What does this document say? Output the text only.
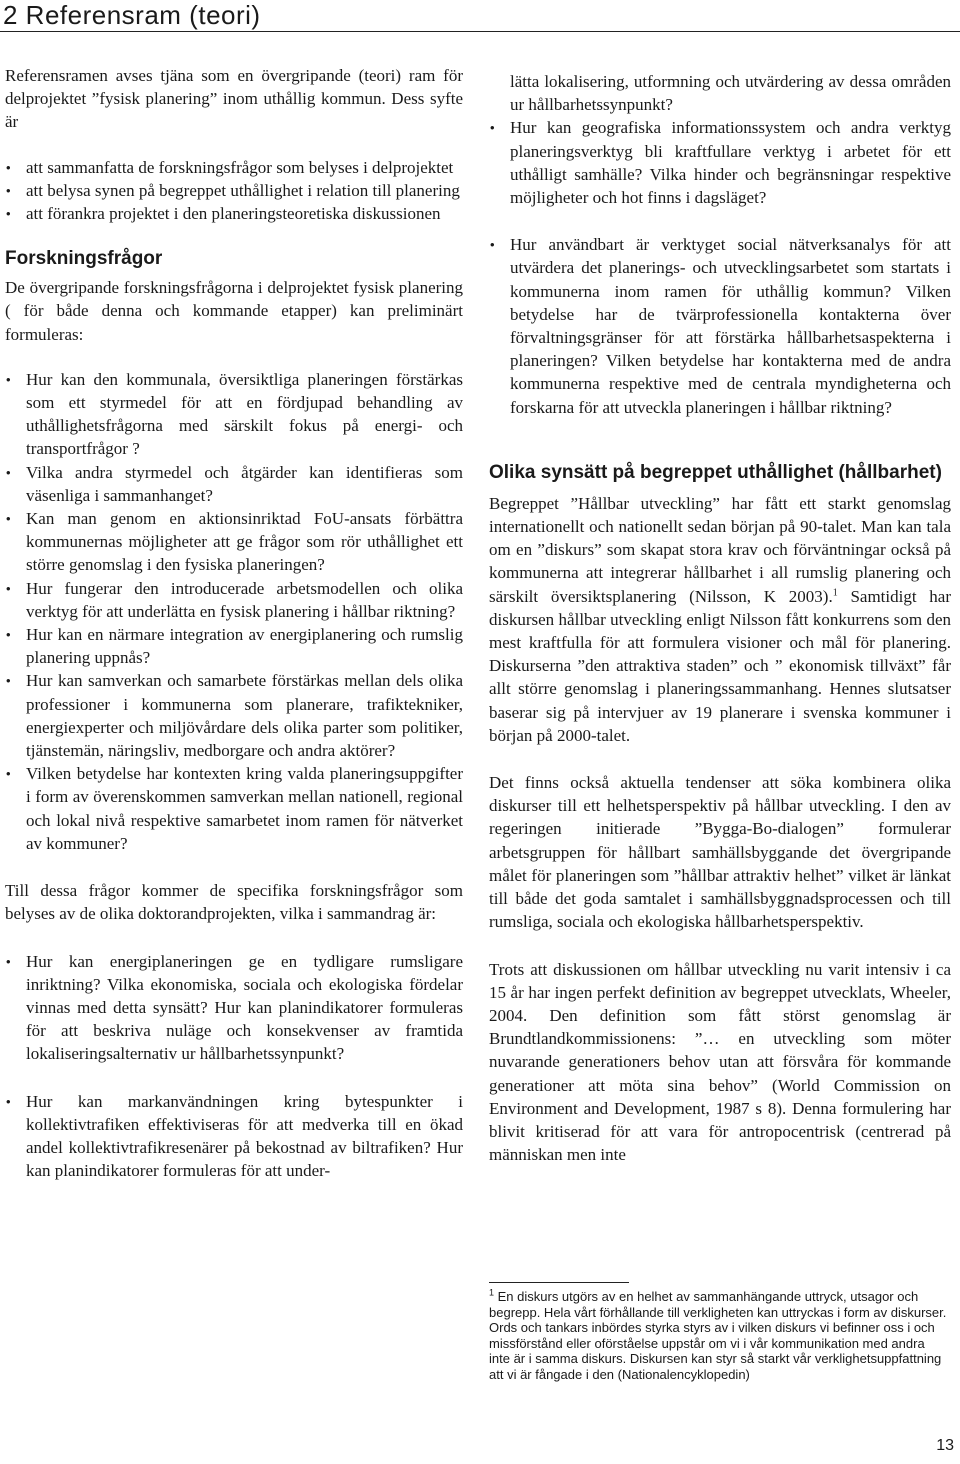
2 Referensram (teori)

Referensramen avses tjäna som en övergripande (teori) ram för delprojektet ”fysisk planering” inom uthållig kommun. Dess syfte är

• att sammanfatta de forskningsfrågor som belyses i delprojektet
• att belysa synen på begreppet uthållighet i relation till planering
• att förankra projektet i den planeringsteoretiska diskussionen
Forskningsfrågor

De övergripande forskningsfrågorna i delprojektet fysisk planering ( för både denna och kommande etapper) kan preliminärt formuleras:

• Hur kan den kommunala, översiktliga planeringen förstärkas som ett styrmedel för att en fördjupad behandling av uthållighetsfrågorna med särskilt fokus på energi- och transportfrågor ?
• Vilka andra styrmedel och åtgärder kan identifieras som väsenliga i sammanhanget?
• Kan man genom en aktionsinriktad FoU-ansats förbättra kommunernas möjligheter att ge frågor som rör uthållighet ett större genomslag i den fysiska planeringen?
• Hur fungerar den introducerade arbetsmodellen och olika verktyg för att underlätta en fysisk planering i hållbar riktning?
• Hur kan en närmare integration av energiplanering och rumslig planering uppnås?
• Hur kan samverkan och samarbete förstärkas mellan dels olika professioner i kommunerna som planerare, trafiktekniker, energiexperter och miljövårdare dels olika parter som politiker, tjänstemän, näringsliv, medborgare och andra aktörer?
• Vilken betydelse har kontexten kring valda planeringsuppgifter i form av överenskommen samverkan mellan nationell, regional och lokal nivå respektive samarbetet inom ramen för nätverket av kommuner?

Till dessa frågor kommer de specifika forskningsfrågor som belyses av de olika doktorandprojekten, vilka i sammandrag är:

• Hur kan energiplaneringen ge en tydligare rumsligare inriktning? Vilka ekonomiska, sociala och ekologiska fördelar vinnas med detta synsätt? Hur kan planindikatorer formuleras för att beskriva nuläge och konsekvenser av framtida lokaliseringsalternativ ur hållbarhetssynpunkt?
• Hur kan markanvändningen kring bytespunkter i kollektivtrafiken effektiviseras för att medverka till en ökad andel kollektivtrafikresenärer på bekostnad av biltrafiken? Hur kan planindikatorer formuleras för att under-

lätta lokalisering, utformning och utvärdering av dessa områden ur hållbarhetssynpunkt?

• Hur kan geografiska informationssystem och andra verktyg planeringsverktyg bli kraftfullare verktyg i arbetet för ett uthålligt samhälle? Vilka hinder och begränsningar respektive möjligheter och hot finns i dagsläget?
• Hur användbart är verktyget social nätverksanalys för att utvärdera det planerings- och utvecklingsarbetet som startats i kommunerna inom ramen för uthållig kommun? Vilken betydelse har de tvärprofessionella kontakterna över förvaltningsgränser för att förstärka hållbarhetsaspekterna i planeringen? Vilken betydelse har kontakterna med de andra kommunerna respektive med de centrala myndigheterna och forskarna för att utveckla planeringen i hållbar riktning?
Olika synsätt på begreppet uthållighet (hållbarhet)

Begreppet ”Hållbar utveckling” har fått ett starkt genomslag internationellt och nationellt sedan början på 90-talet. Man kan tala om en ”diskurs” som skapat stora krav och förväntningar också på kommunerna att integrerar hållbarhet i all rumslig planering och särskilt översiktsplanering (Nilsson, K 2003).$^1$ Samtidigt har diskursen hållbar utveckling enligt Nilsson fått konkurrens som den mest kraftfulla för att formulera visioner och mål för planering. Diskurserna ”den attraktiva staden” och ” ekonomisk tillväxt” får allt större genomslag i planeringssammanhang. Hennes slutsatser baserar sig på intervjuer av 19 planerare i svenska kommuner i början på 2000-talet.

Det finns också aktuella tendenser att söka kombinera olika diskurser till ett helhetsperspektiv på hållbar utveckling. I den av regeringen initierade ”Bygga-Bo-dialogen” formulerar arbetsgruppen för hållbart samhällsbyggande det övergripande målet för planeringen som ”hållbar attraktiv helhet” vilket är länkat till både det goda samtalet i samhällsbyggnadsprocessen och till rumsliga, sociala och ekologiska hållbarhetsperspektiv.

Trots att diskussionen om hållbar utveckling nu varit intensiv i ca 15 år har ingen perfekt definition av begreppet utvecklats, Wheeler, 2004. Den definition som fått störst genomslag är Brundtlandkommissionens: ”… en utveckling som möter nuvarande generationers behov utan att försvåra för kommande generationer att möta sina behov” (World Commission on Environment and Development, 1987 s 8). Denna formulering har blivit kritiserad för att vara för antropocentrisk (centrerad på människan men inte

$^1$ En diskurs utgörs av en helhet av sammanhängande uttryck, utsagor och begrepp. Hela vårt förhållande till verkligheten kan uttryckas i form av diskurser. Ords och tankars inbördes styrka styrs av i vilken diskurs vi befinner oss i och missförstånd eller oförståelse uppstår om vi i vår kommunikation med andra inte är i samma diskurs. Diskursen kan styr så starkt vår verklighetsuppfattning att vi är fångade i den (Nationalencyklopedin)
13
